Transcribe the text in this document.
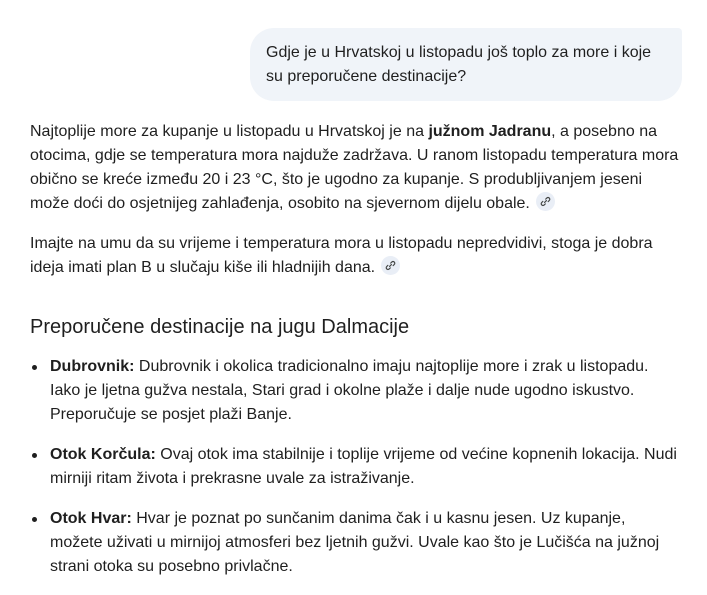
Gdje je u Hrvatskoj u listopadu još toplo za more i koje su preporučene destinacije?

Najtoplije more za kupanje u listopadu u Hrvatskoj je na južnom Jadranu, a posebno na otocima, gdje se temperatura mora najduže zadržava. U ranom listopadu temperatura mora obično se kreće između 20 i 23 °C, što je ugodno za kupanje. S produbljivanjem jeseni može doći do osjetnijeg zahlađenja, osobito na sjevernom dijelu obale.

Imajte na umu da su vrijeme i temperatura mora u listopadu nepredvidivi, stoga je dobra ideja imati plan B u slučaju kiše ili hladnijih dana.

Preporučene destinacije na jugu Dalmacije
Dubrovnik: Dubrovnik i okolica tradicionalno imaju najtoplije more i zrak u listopadu. Iako je ljetna gužva nestala, Stari grad i okolne plaže i dalje nude ugodno iskustvo. Preporučuje se posjet plaži Banje.
Otok Korčula: Ovaj otok ima stabilnije i toplije vrijeme od većine kopnenih lokacija. Nudi mirniji ritam života i prekrasne uvale za istraživanje.
Otok Hvar: Hvar je poznat po sunčanim danima čak i u kasnu jesen. Uz kupanje, možete uživati u mirnijoj atmosferi bez ljetnih gužvi. Uvale kao što je Lučišća na južnoj strani otoka su posebno privlačne.
